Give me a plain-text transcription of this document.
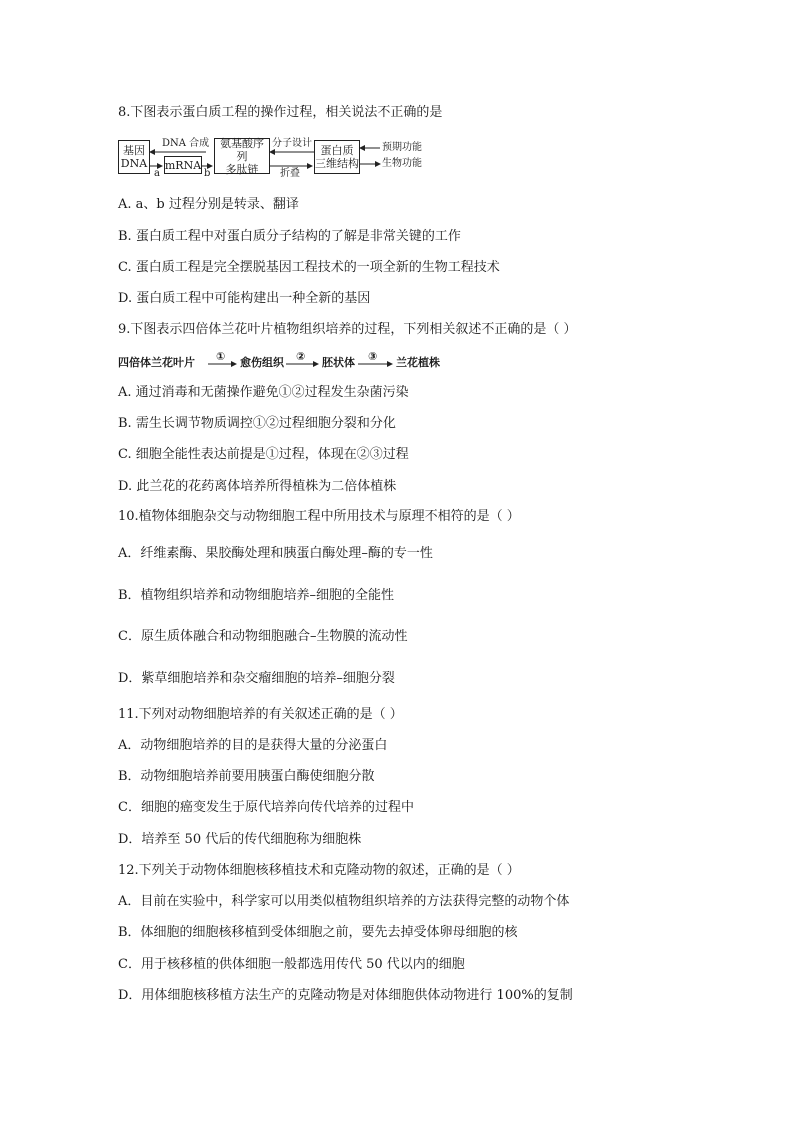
8.下图表示蛋白质工程的操作过程，相关说法不正确的是
基因
DNA
DNA 合成
a
mRNA
b
氨基酸序列
多肽链
分子设计
折叠
蛋白质
三维结构
预期功能
生物功能
A. a、b 过程分别是转录、翻译
B. 蛋白质工程中对蛋白质分子结构的了解是非常关键的工作
C. 蛋白质工程是完全摆脱基因工程技术的一项全新的生物工程技术
D. 蛋白质工程中可能构建出一种全新的基因
9.下图表示四倍体兰花叶片植物组织培养的过程，下列相关叙述不正确的是（ ）
四倍体兰花叶片 ① 愈伤组织 ② 胚状体 ③ 兰花植株
A. 通过消毒和无菌操作避免①②过程发生杂菌污染
B. 需生长调节物质调控①②过程细胞分裂和分化
C. 细胞全能性表达前提是①过程，体现在②③过程
D. 此兰花的花药离体培养所得植株为二倍体植株
10.植物体细胞杂交与动物细胞工程中所用技术与原理不相符的是（ ）
A．纤维素酶、果胶酶处理和胰蛋白酶处理–酶的专一性
B．植物组织培养和动物细胞培养–细胞的全能性
C．原生质体融合和动物细胞融合–生物膜的流动性
D．紫草细胞培养和杂交瘤细胞的培养–细胞分裂
11.下列对动物细胞培养的有关叙述正确的是（ ）
A．动物细胞培养的目的是获得大量的分泌蛋白
B．动物细胞培养前要用胰蛋白酶使细胞分散
C．细胞的癌变发生于原代培养向传代培养的过程中
D．培养至 50 代后的传代细胞称为细胞株
12.下列关于动物体细胞核移植技术和克隆动物的叙述，正确的是（ ）
A．目前在实验中，科学家可以用类似植物组织培养的方法获得完整的动物个体
B．体细胞的细胞核移植到受体细胞之前，要先去掉受体卵母细胞的核
C．用于核移植的供体细胞一般都选用传代 50 代以内的细胞
D．用体细胞核移植方法生产的克隆动物是对体细胞供体动物进行 100%的复制
